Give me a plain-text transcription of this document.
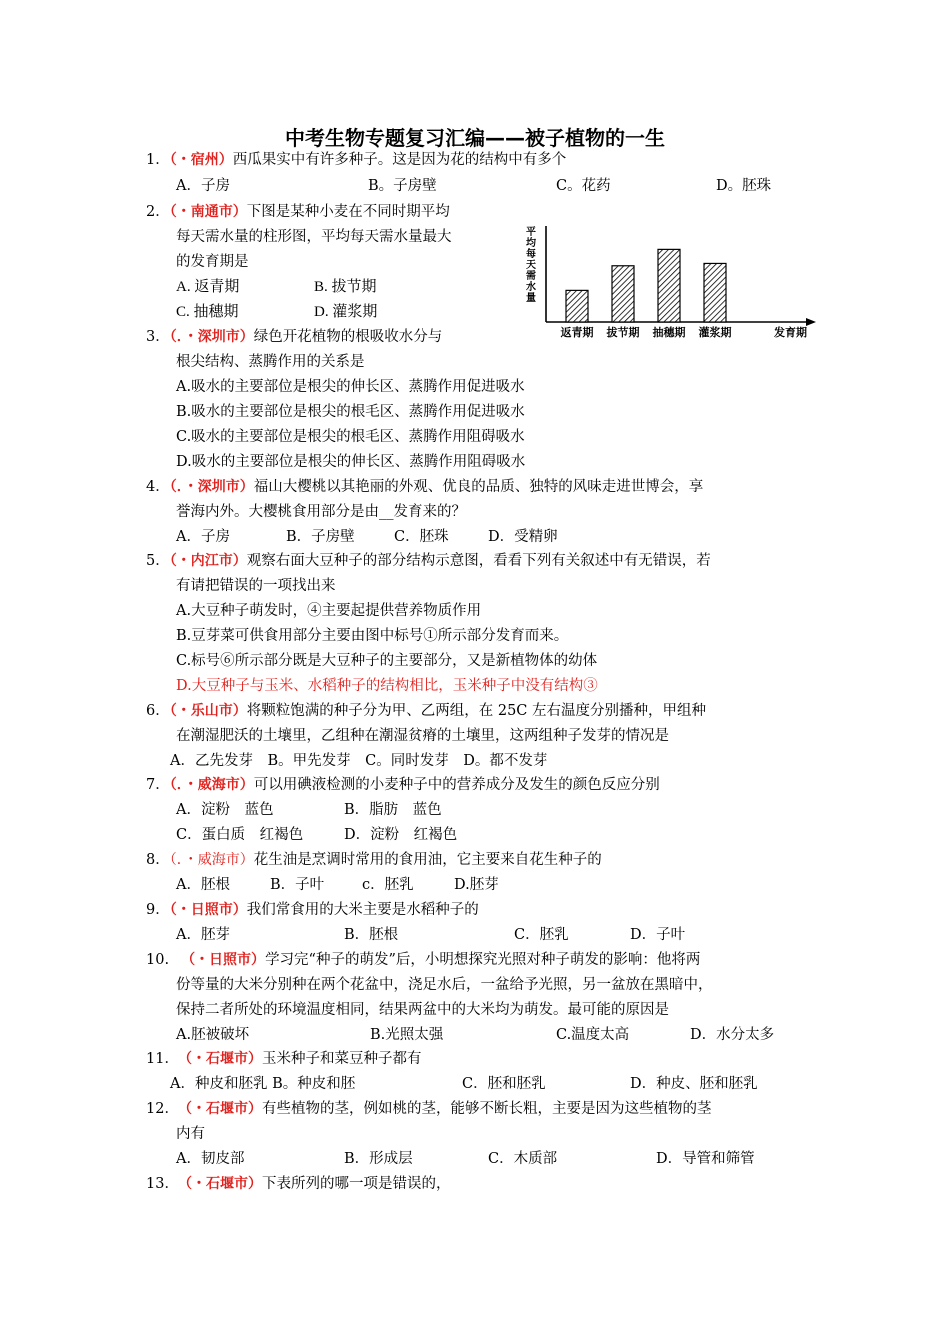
中考生物专题复习汇编——被子植物的一生
1．（・宿州）西瓜果实中有许多种子。这是因为花的结构中有多个
A．子房	B。子房壁	C。花药	D。胚珠
2．（・南通市）下图是某种小麦在不同时期平均
每天需水量的柱形图，平均每天需水量最大
的发育期是
A. 返青期	B. 拔节期
C. 抽穗期	D. 灌浆期
平
均
每
天
需
水
量
返青期 拔节期 抽穗期 灌浆期	发育期
3．（．・深圳市）绿色开花植物的根吸收水分与
根尖结构、蒸腾作用的关系是
A.吸水的主要部位是根尖的伸长区、蒸腾作用促进吸水
B.吸水的主要部位是根尖的根毛区、蒸腾作用促进吸水
C.吸水的主要部位是根尖的根毛区、蒸腾作用阻碍吸水
D.吸水的主要部位是根尖的伸长区、蒸腾作用阻碍吸水
4．（．・深圳市）福山大樱桃以其艳丽的外观、优良的品质、独特的风味走进世博会，享
誉海内外。大樱桃食用部分是由__发育来的？
A．子房	B．子房壁	C．胚珠	D．受精卵
5．（・内江市）观察右面大豆种子的部分结构示意图，看看下列有关叙述中有无错误，若
有请把错误的一项找出来
A.大豆种子萌发时，④主要起提供营养物质作用
B.豆芽菜可供食用部分主要由图中标号①所示部分发育而来。
C.标号⑥所示部分既是大豆种子的主要部分，又是新植物体的幼体
D.大豆种子与玉米、水稻种子的结构相比，玉米种子中没有结构③
6．（・乐山市）将颗粒饱满的种子分为甲、乙两组，在 25C 左右温度分别播种，甲组种
在潮湿肥沃的土壤里，乙组种在潮湿贫瘠的土壤里，这两组种子发芽的情况是
A．乙先发芽　B。甲先发芽　C。同时发芽　D。都不发芽
7．（．・威海市）可以用碘液检测的小麦种子中的营养成分及发生的颜色反应分别
A．淀粉　蓝色	B．脂肪　蓝色
C．蛋白质　红褐色	D．淀粉　红褐色
8．（．・威海市）花生油是烹调时常用的食用油，它主要来自花生种子的
A．胚根	B．子叶	c．胚乳	D.胚芽
9．（・日照市）我们常食用的大米主要是水稻种子的
A．胚芽	B．胚根	C．胚乳	D．子叶
10. （・日照市）学习完“种子的萌发”后，小明想探究光照对种子萌发的影响：他将两
份等量的大米分别种在两个花盆中，浇足水后，一盆给予光照，另一盆放在黑暗中，
保持二者所处的环境温度相同，结果两盆中的大米均为萌发。最可能的原因是
A.胚被破坏	B.光照太强	C.温度太高	D．水分太多
11． （・石堰市）玉米种子和菜豆种子都有
A．种皮和胚乳 B。种皮和胚	C．胚和胚乳	D．种皮、胚和胚乳
12． （・石堰市）有些植物的茎，例如桃的茎，能够不断长粗，主要是因为这些植物的茎
内有
A．韧皮部	B．形成层	C．木质部	D．导管和筛管
13． （・石堰市）下表所列的哪一项是错误的，
